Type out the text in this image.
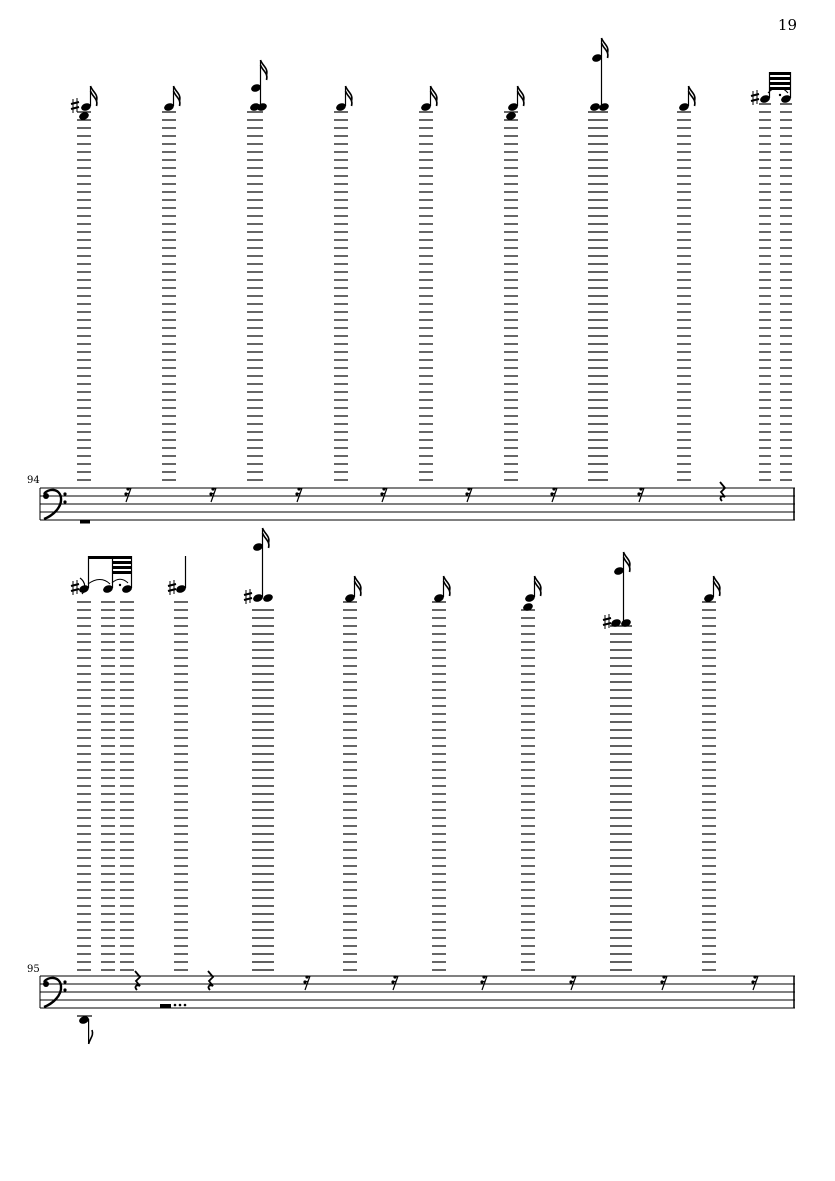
19
94
95
